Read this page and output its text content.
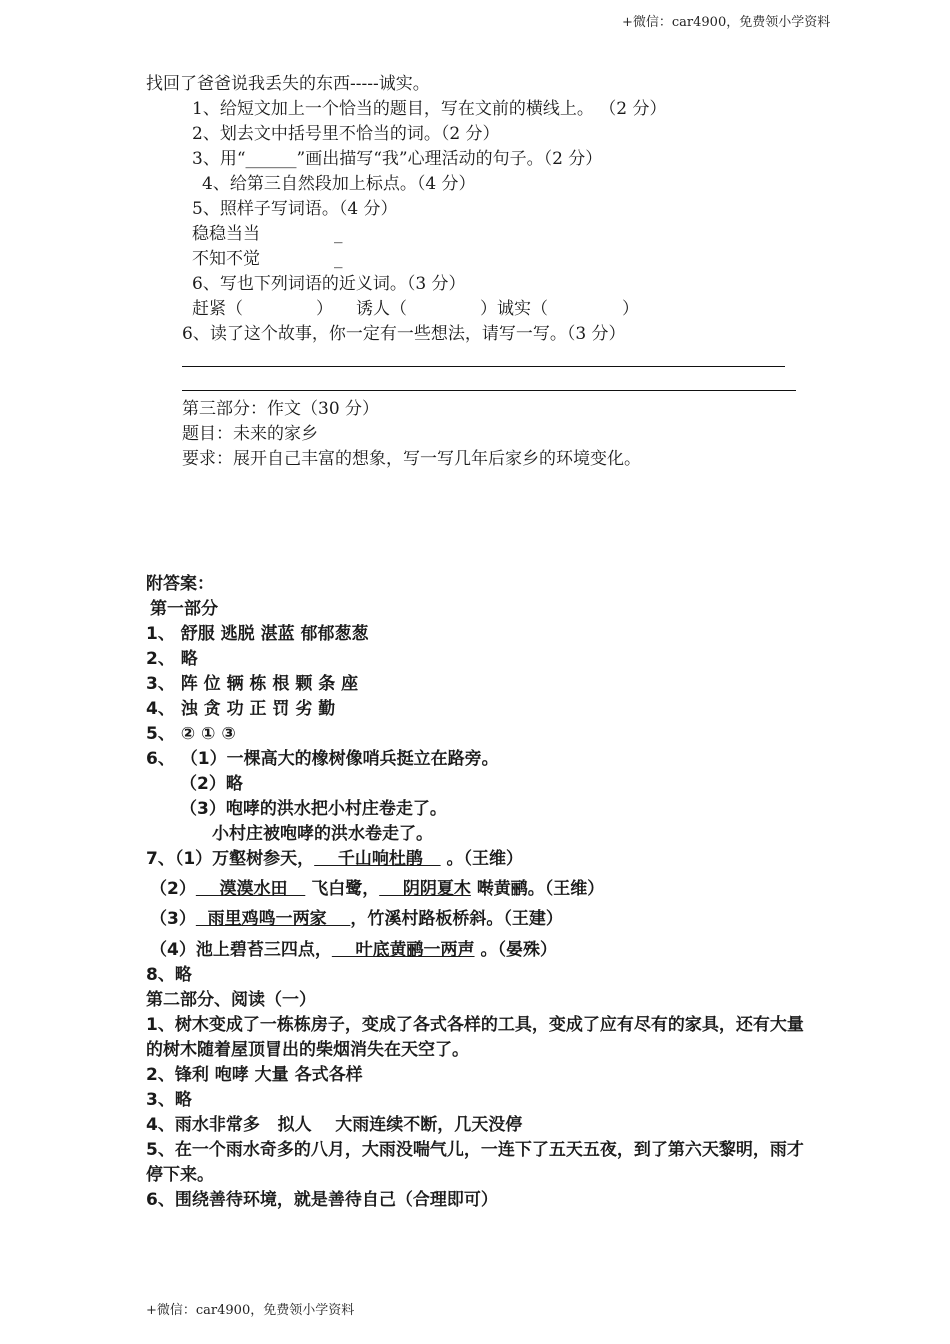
+微信：car4900，免费领小学资料
找回了爸爸说我丢失的东西-----诚实。
1、给短文加上一个恰当的题目，写在文前的横线上。 （2 分）
2、划去文中括号里不恰当的词。（2 分）
3、用“______”画出描写“我”心理活动的句子。（2 分）
4、给第三自然段加上标点。（4 分）
5、照样子写词语。（4 分）
稳稳当当	_
不知不觉	_
6、写也下列词语的近义词。（3 分）
赶紧（	） 诱人（	） 诚实（	）
6、读了这个故事，你一定有一些想法，请写一写。（3 分）
第三部分：作文（30 分）
题目：未来的家乡
要求：展开自己丰富的想象，写一写几年后家乡的环境变化。
附答案：
第一部分
1、 舒服 逃脱 湛蓝 郁郁葱葱
2、 略
3、 阵 位 辆 栋 根 颗 条 座
4、 浊 贪 功 正 罚 劣 勤
5、 ② ① ③
6、 （1）一棵高大的橡树像哨兵挺立在路旁。
（2）略
（3）咆哮的洪水把小村庄卷走了。
小村庄被咆哮的洪水卷走了。
7、（1）万壑树参天，    千山响杜鹃    。（王维）
（2）    漠漠水田    飞白鹭，    阴阴夏木 啭黄鹂。（王维）
（3）  雨里鸡鸣一两家    ，竹溪村路板桥斜。（王建）
（4）池上碧苔三四点，    叶底黄鹂一两声 。（晏殊）
8、略
第二部分、阅读（一）
1、树木变成了一栋栋房子，变成了各式各样的工具，变成了应有尽有的家具，还有大量的树木随着屋顶冒出的柴烟消失在天空了。
2、锋利 咆哮 大量 各式各样
3、略
4、雨水非常多   拟人    大雨连续不断，几天没停
5、在一个雨水奇多的八月，大雨没喘气儿，一连下了五天五夜，到了第六天黎明，雨才停下来。
6、围绕善待环境，就是善待自己（合理即可）
+微信：car4900，免费领小学资料
